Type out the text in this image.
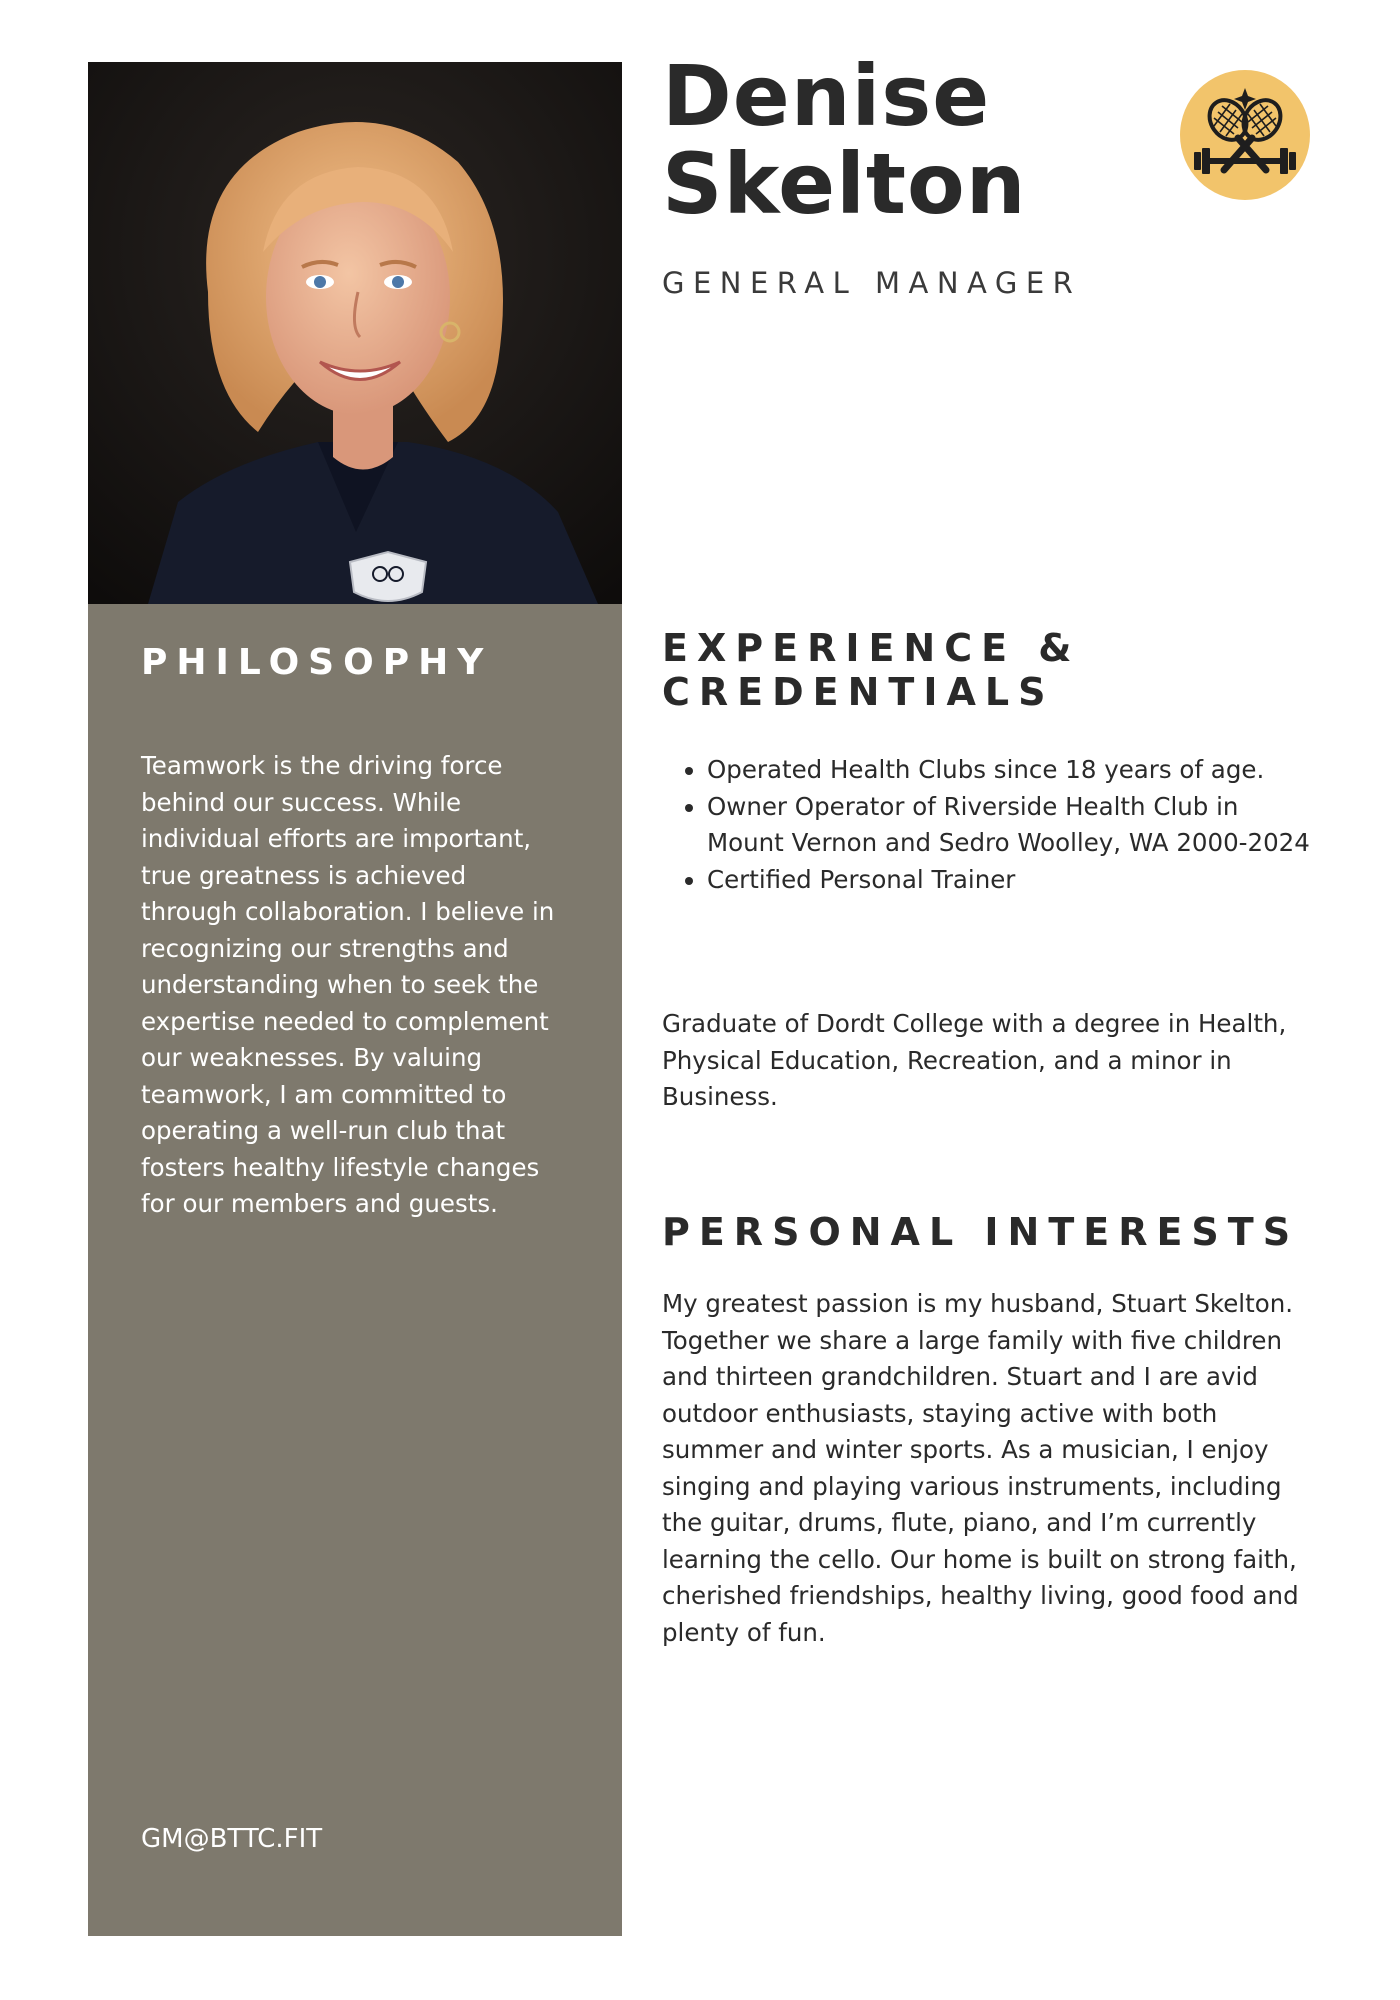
PHILOSOPHY

Teamwork is the driving force behind our success. While individual efforts are important, true greatness is achieved through collaboration. I believe in recognizing our strengths and understanding when to seek the expertise needed to complement our weaknesses. By valuing teamwork, I am committed to operating a well-run club that fosters healthy lifestyle changes for our members and guests.

GM@BTTC.FIT
Denise
Skelton
GENERAL MANAGER
EXPERIENCE &
CREDENTIALS
• Operated Health Clubs since 18 years of age.
• Owner Operator of Riverside Health Club in Mount Vernon and Sedro Woolley, WA 2000-2024
• Certified Personal Trainer

Graduate of Dordt College with a degree in Health, Physical Education, Recreation, and a minor in Business.

PERSONAL INTERESTS

My greatest passion is my husband, Stuart Skelton. Together we share a large family with five children and thirteen grandchildren. Stuart and I are avid outdoor enthusiasts, staying active with both summer and winter sports. As a musician, I enjoy singing and playing various instruments, including the guitar, drums, flute, piano, and I’m currently learning the cello. Our home is built on strong faith, cherished friendships, healthy living, good food and plenty of fun.
